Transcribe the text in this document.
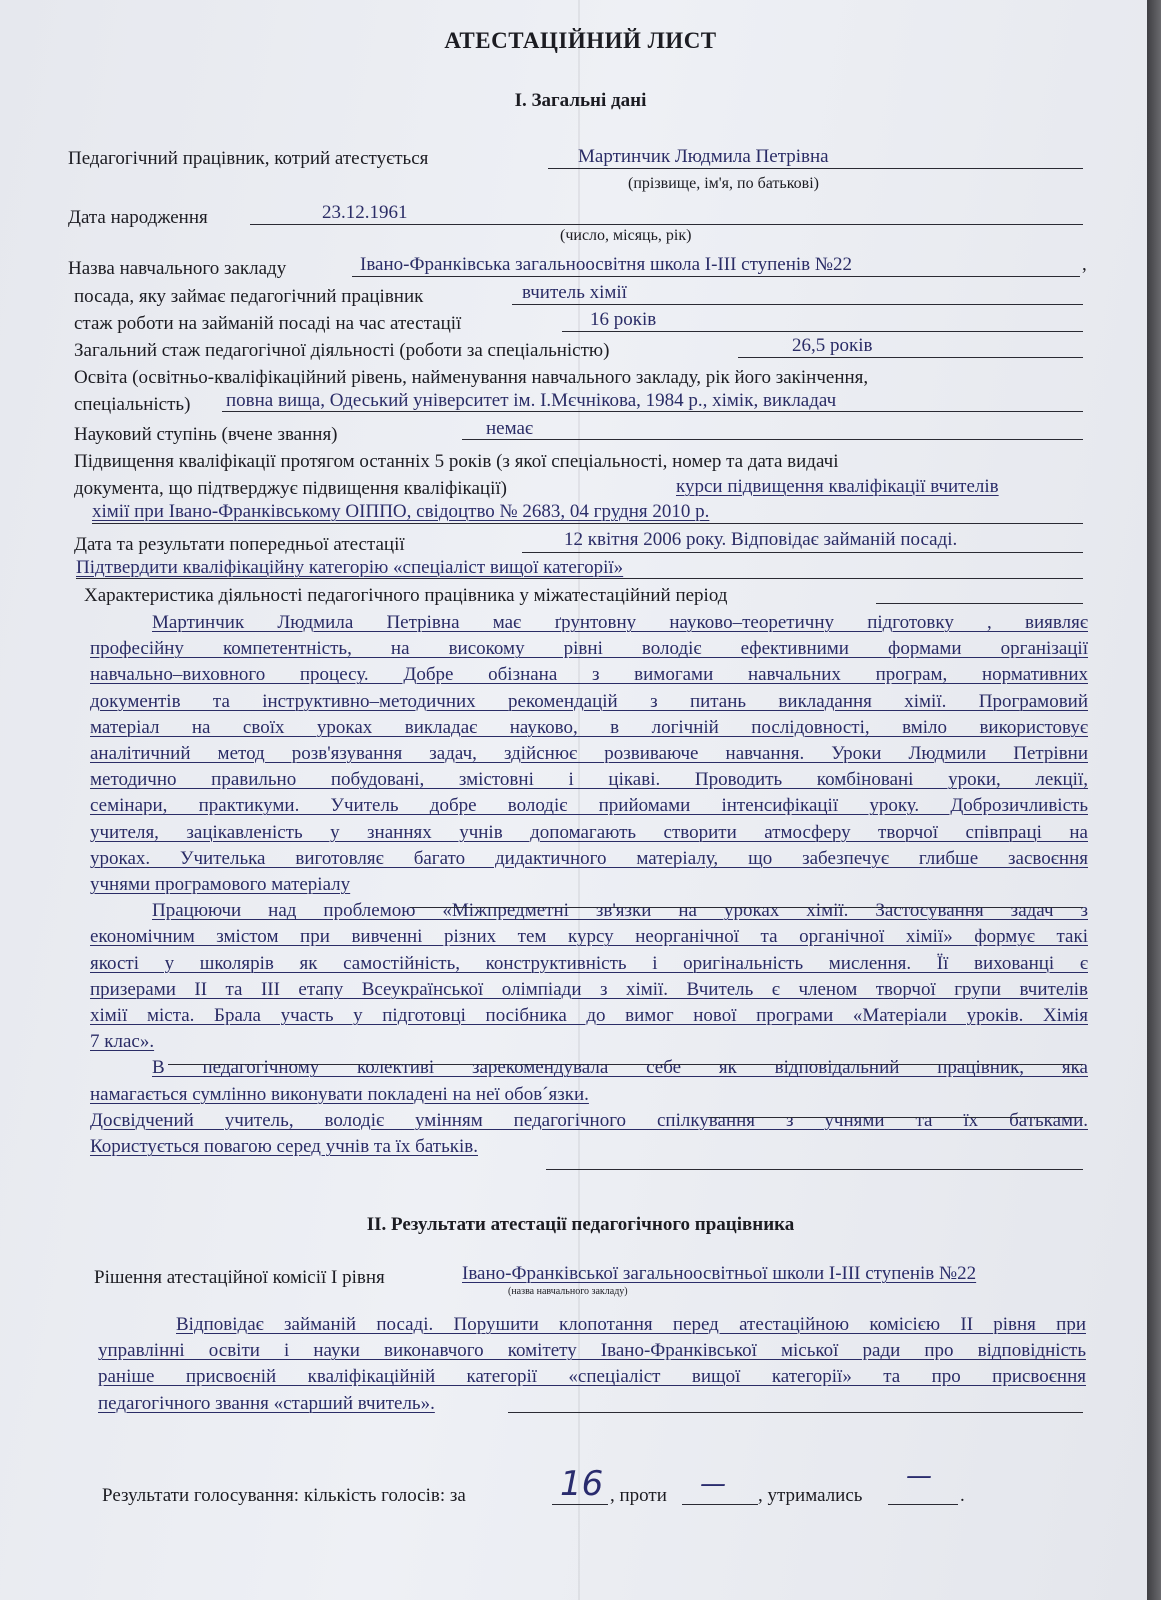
АТЕСТАЦІЙНИЙ ЛИСТ
І. Загальні дані
Педагогічний працівник, котрий атестується	Мартинчик Людмила Петрівна
(прізвище, ім'я, по батькові)
Дата народження	23.12.1961
(число, місяць, рік)
Назва навчального закладу	Івано-Франківська загальноосвітня школа І-ІІІ ступенів №22	,
посада, яку займає педагогічний працівник	вчитель хімії
стаж роботи на займаній посаді на час атестації	16 років
Загальний стаж педагогічної діяльності (роботи за спеціальністю)	26,5 років
Освіта (освітньо-кваліфікаційний рівень, найменування навчального закладу, рік його закінчення,
спеціальність) повна вища, Одеський університет ім. І.Мєчнікова, 1984 р., хімік, викладач
Науковий ступінь (вчене звання)	немає
Підвищення кваліфікації протягом останніх 5 років (з якої спеціальності, номер та дата видачі
документа, що підтверджує підвищення кваліфікації)	курси підвищення кваліфікації вчителів
хімії при Івано-Франківському ОІППО, свідоцтво № 2683, 04 грудня 2010 р.
Дата та результати попередньої атестації	12 квітня 2006 року. Відповідає займаній посаді.
Підтвердити кваліфікаційну категорію «спеціаліст вищої категорії»
Характеристика діяльності педагогічного працівника у міжатестаційний період
Мартинчик Людмила Петрівна має ґрунтовну науково–теоретичну підготовку , виявляє
професійну компетентність, на високому рівні володіє ефективними формами організації
навчально–виховного процесу. Добре обізнана з вимогами навчальних програм, нормативних
документів та інструктивно–методичних рекомендацій з питань викладання хімії. Програмовий
матеріал на своїх уроках викладає науково, в логічній послідовності, вміло використовує
аналітичний метод розв'язування задач, здійснює розвиваюче навчання. Уроки Людмили Петрівни
методично правильно побудовані, змістовні і цікаві. Проводить комбіновані уроки, лекції,
семінари, практикуми. Учитель добре володіє прийомами інтенсифікації уроку. Доброзичливість
учителя, зацікавленість у знаннях учнів допомагають створити атмосферу творчої співпраці на
уроках. Учителька виготовляє багато дидактичного матеріалу, що забезпечує глибше засвоєння
учнями програмового матеріалу
Працюючи над проблемою «Міжпредметні зв'язки на уроках хімії. Застосування задач з
економічним змістом при вивченні різних тем курсу неорганічної та органічної хімії» формує такі
якості у школярів як самостійність, конструктивність і оригінальність мислення. Її вихованці є
призерами ІІ та ІІІ етапу Всеукраїнської олімпіади з хімії. Вчитель є членом творчої групи вчителів
хімії міста. Брала участь у підготовці посібника до вимог нової програми «Матеріали уроків. Хімія
7 клас».
В педагогічному колективі зарекомендувала себе як відповідальний працівник, яка
намагається сумлінно виконувати покладені на неї обов´язки.
Досвідчений учитель, володіє умінням педагогічного спілкування з учнями та їх батьками.
Користується повагою серед учнів та їх батьків.
ІІ. Результати атестації педагогічного працівника
Рішення атестаційної комісії І рівня	Івано-Франківської загальноосвітньої школи І-ІІІ ступенів №22
(назва навчального закладу)
Відповідає займаній посаді. Порушити клопотання перед атестаційною комісією ІІ рівня при
управлінні освіти і науки виконавчого комітету Івано-Франківської міської ради про відповідність
раніше присвоєній кваліфікаційній категорії «спеціаліст вищої категорії» та про присвоєння
педагогічного звання «старший вчитель».
Результати голосування: кількість голосів: за	16 , проти — , утримались
—
.
